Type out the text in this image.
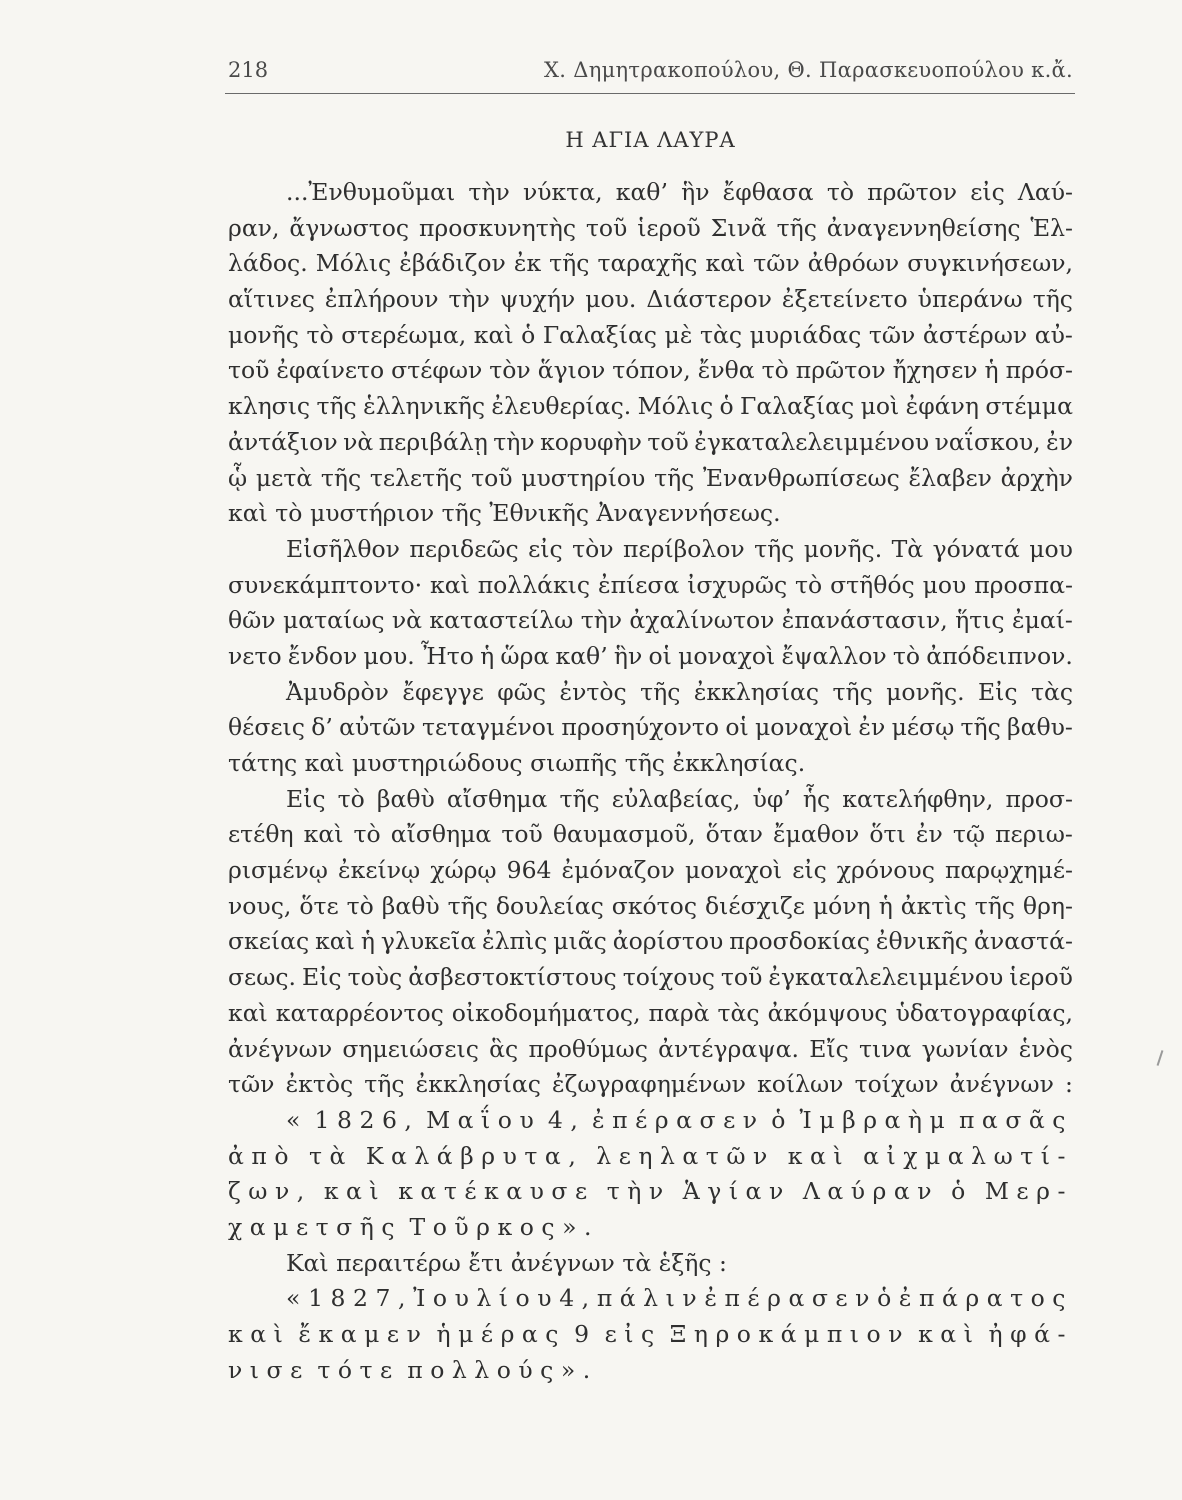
218	Χ. Δημητρακοπούλου, Θ. Παρασκευοπούλου κ.ἄ.
Η ΑΓΙΑ ΛΑΥΡΑ
...Ἐνθυμοῦμαι τὴν νύκτα, καθ’ ἣν ἔφθασα τὸ πρῶτον εἰς Λαύ-
ραν, ἄγνωστος προσκυνητὴς τοῦ ἱεροῦ Σινᾶ τῆς ἀναγεννηθείσης Ἑλ-
λάδος. Μόλις ἐβάδιζον ἐκ τῆς ταραχῆς καὶ τῶν ἀθρόων συγκινήσεων,
αἵτινες ἐπλήρουν τὴν ψυχήν μου. Διάστερον ἐξετείνετο ὑπεράνω τῆς
μονῆς τὸ στερέωμα, καὶ ὁ Γαλαξίας μὲ τὰς μυριάδας τῶν ἀστέρων αὐ-
τοῦ ἐφαίνετο στέφων τὸν ἅγιον τόπον, ἔνθα τὸ πρῶτον ἤχησεν ἡ πρόσ-
κλησις τῆς ἑλληνικῆς ἐλευθερίας. Μόλις ὁ Γαλαξίας μοὶ ἐφάνη στέμμα
ἀντάξιον νὰ περιβάλῃ τὴν κορυφὴν τοῦ ἐγκαταλελειμμένου ναΐσκου, ἐν
ᾧ μετὰ τῆς τελετῆς τοῦ μυστηρίου τῆς Ἐνανθρωπίσεως ἔλαβεν ἀρχὴν
καὶ τὸ μυστήριον τῆς Ἐθνικῆς Ἀναγεννήσεως.
Εἰσῆλθον περιδεῶς εἰς τὸν περίβολον τῆς μονῆς. Τὰ γόνατά μου
συνεκάμπτοντο· καὶ πολλάκις ἐπίεσα ἰσχυρῶς τὸ στῆθός μου προσπα-
θῶν ματαίως νὰ καταστείλω τὴν ἀχαλίνωτον ἐπανάστασιν, ἥτις ἐμαί-
νετο ἔνδον μου. Ἦτο ἡ ὥρα καθ’ ἣν οἱ μοναχοὶ ἔψαλλον τὸ ἀπόδειπνον.
Ἀμυδρὸν ἔφεγγε φῶς ἐντὸς τῆς ἐκκλησίας τῆς μονῆς. Εἰς τὰς
θέσεις δ’ αὐτῶν τεταγμένοι προσηύχοντο οἱ μοναχοὶ ἐν μέσῳ τῆς βαθυ-
τάτης καὶ μυστηριώδους σιωπῆς τῆς ἐκκλησίας.
Εἰς τὸ βαθὺ αἴσθημα τῆς εὐλαβείας, ὑφ’ ἧς κατελήφθην, προσ-
ετέθη καὶ τὸ αἴσθημα τοῦ θαυμασμοῦ, ὅταν ἔμαθον ὅτι ἐν τῷ περιω-
ρισμένῳ ἐκείνῳ χώρῳ 964 ἐμόναζον μοναχοὶ εἰς χρόνους παρῳχημέ-
νους, ὅτε τὸ βαθὺ τῆς δουλείας σκότος διέσχιζε μόνη ἡ ἀκτὶς τῆς θρη-
σκείας καὶ ἡ γλυκεῖα ἐλπὶς μιᾶς ἀορίστου προσδοκίας ἐθνικῆς ἀναστά-
σεως. Εἰς τοὺς ἀσβεστοκτίστους τοίχους τοῦ ἐγκαταλελειμμένου ἱεροῦ
καὶ καταρρέοντος οἰκοδομήματος, παρὰ τὰς ἀκόμψους ὑδατογραφίας,
ἀνέγνων σημειώσεις ἃς προθύμως ἀντέγραψα. Εἴς τινα γωνίαν ἑνὸς
τῶν ἐκτὸς τῆς ἐκκλησίας ἐζωγραφημένων κοίλων τοίχων ἀνέγνων :
« 1826, Μαΐου 4, ἐπέρασεν ὁ Ἰμβραὴμ πασᾶς
ἀπὸ τὰ Καλάβρυτα, λεηλατῶν καὶ αἰχμαλωτί-
ζων, καὶ κατέκαυσε τὴν Ἁγίαν Λαύραν ὁ Μερ-
χαμετσῆς Τοῦρκος».
Καὶ περαιτέρω ἔτι ἀνέγνων τὰ ἑξῆς :
« 1827, Ἰουλίου 4, πάλιν ἐπέρασεν ὁ ἐπάρατος
καὶ ἔκαμεν ἡμέρας 9 εἰς Ξηροκάμπιον καὶ ἠφά-
νισε τότε πολλούς».
